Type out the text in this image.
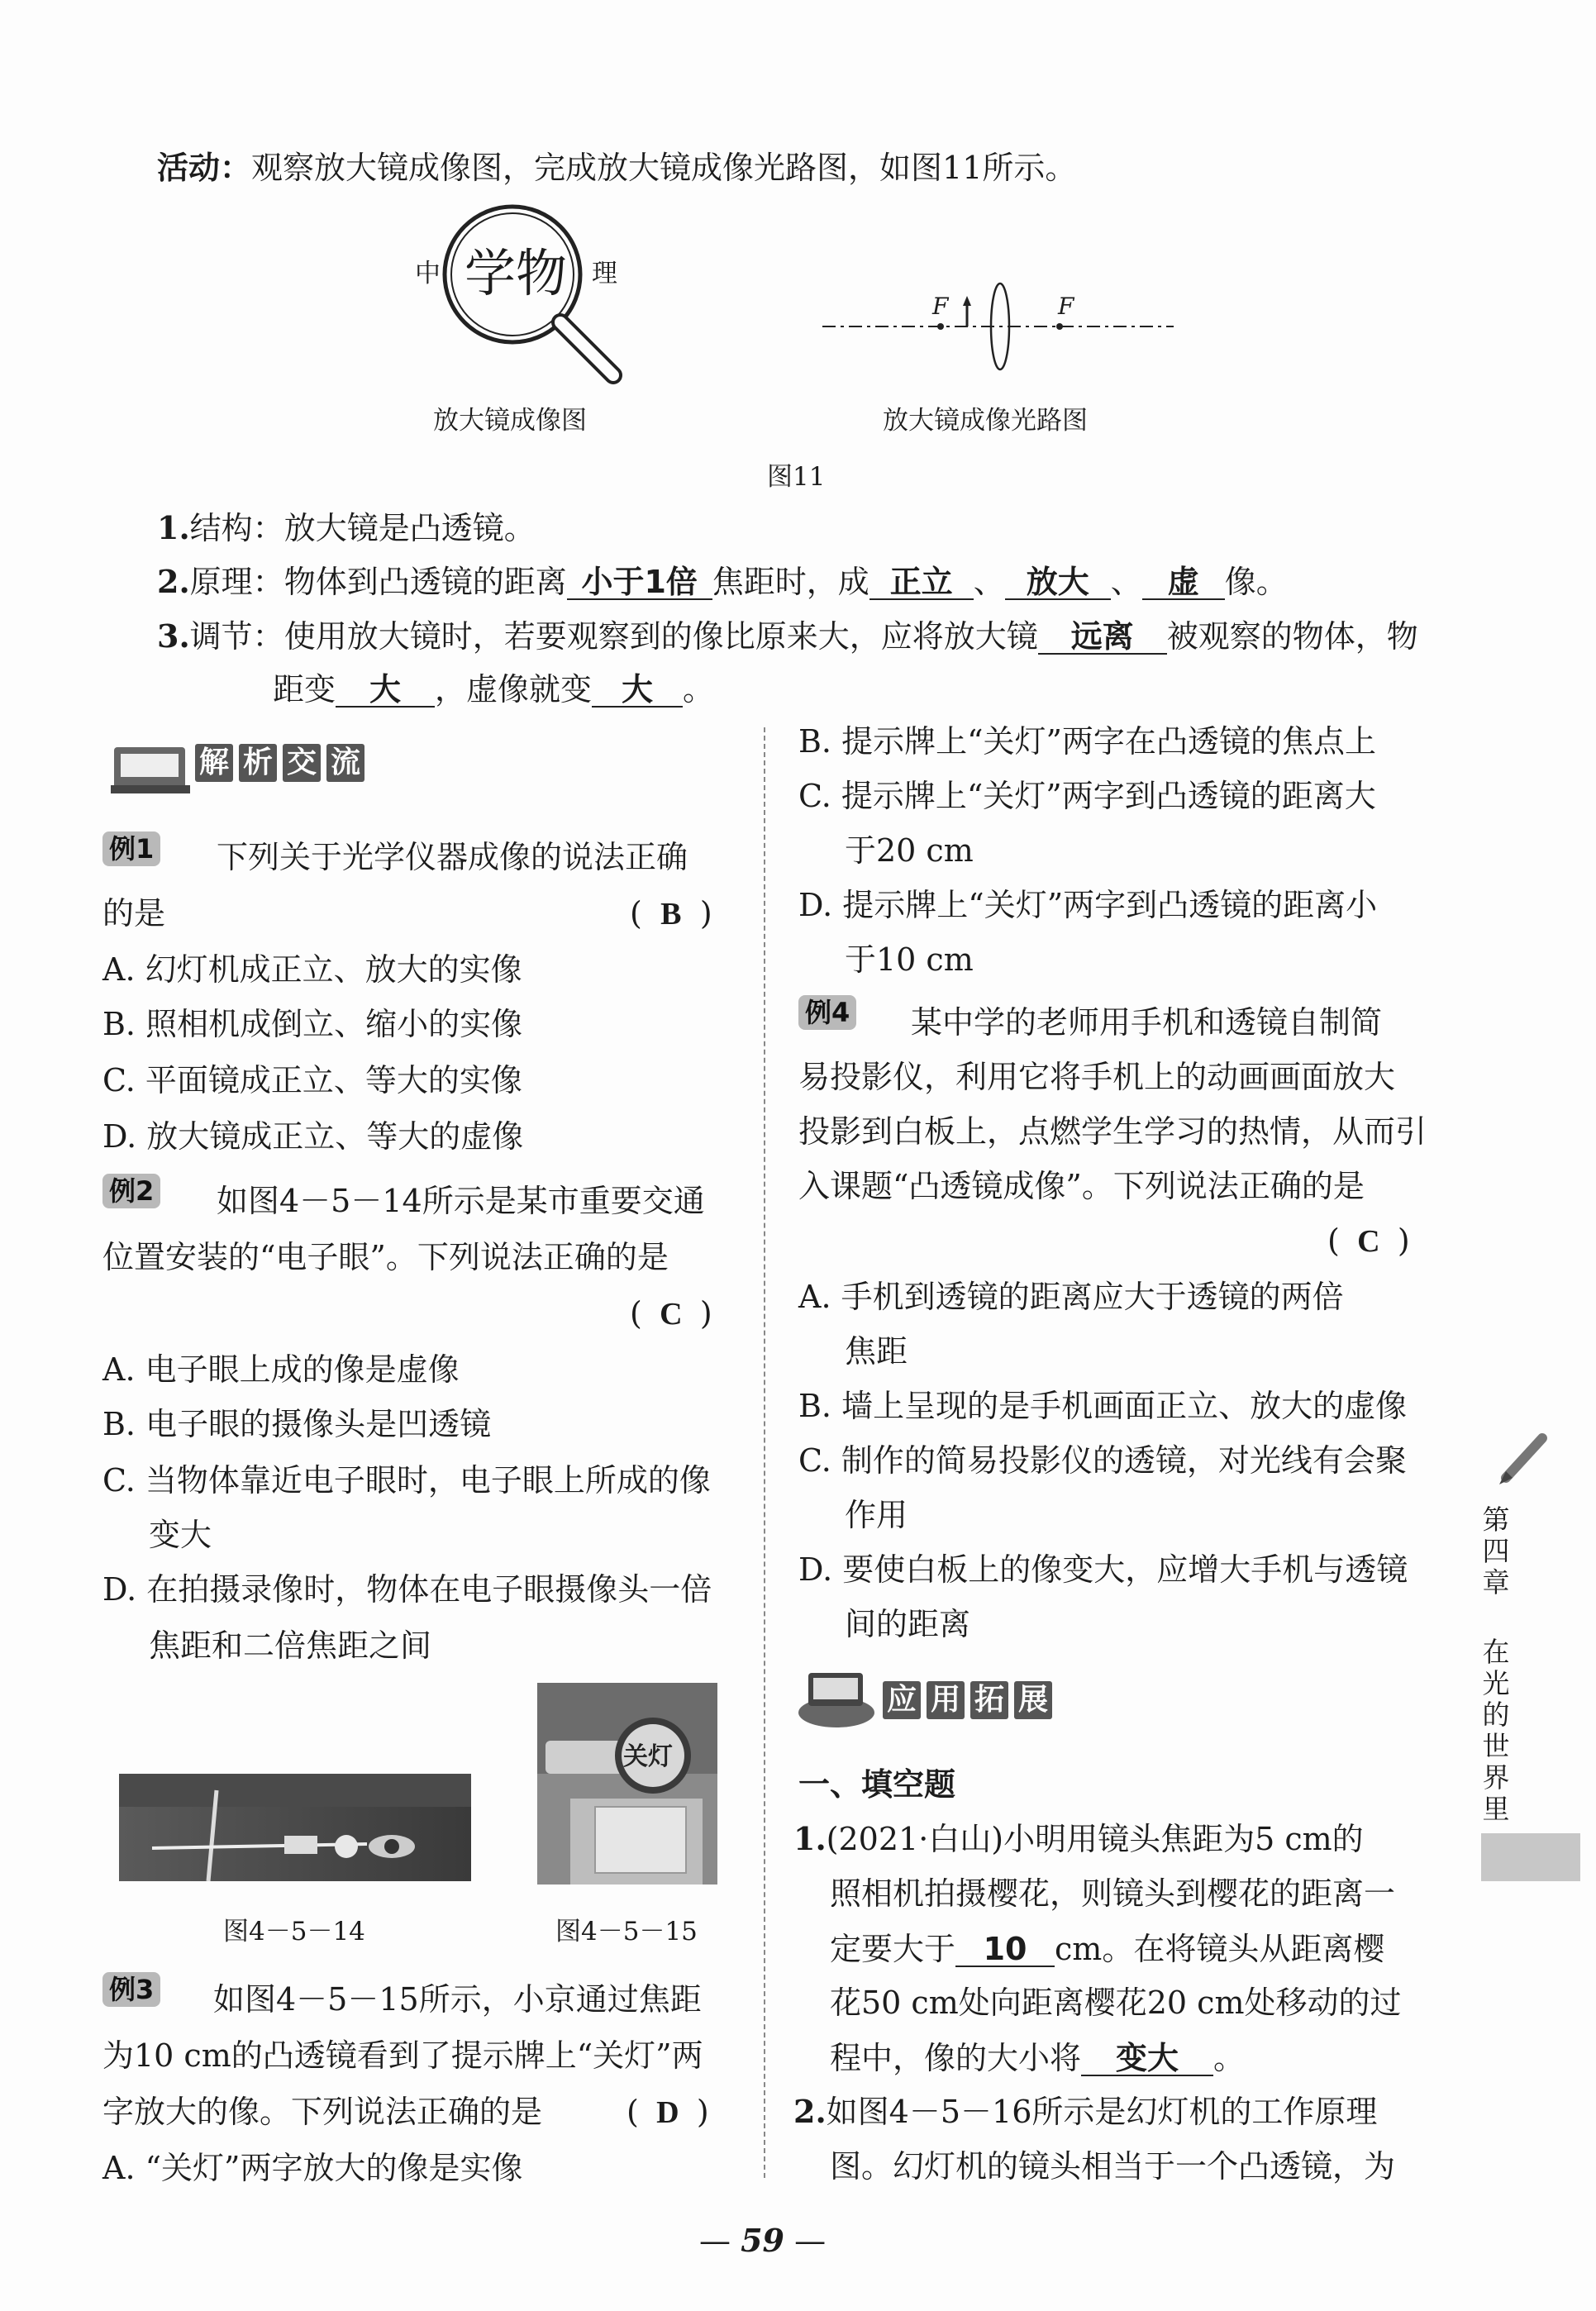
活动：观察放大镜成像图，完成放大镜成像光路图，如图11所示。
中 学物 理
F	F
放大镜成像图	放大镜成像光路图
图11
1.结构：放大镜是凸透镜。
2.原理：物体到凸透镜的距离 小于1倍 焦距时，成 正立 、 放大 、 虚 像。
3.调节：使用放大镜时，若要观察到的像比原来大，应将放大镜 远离 被观察的物体，物
距变 大 ，虚像就变 大 。
解 析 交 流
例1 下列关于光学仪器成像的说法正确
的是	( B )
A. 幻灯机成正立、放大的实像
B. 照相机成倒立、缩小的实像
C. 平面镜成正立、等大的实像
D. 放大镜成正立、等大的虚像
例2 如图4－5－14所示是某市重要交通
位置安装的“电子眼”。下列说法正确的是
( C )
A. 电子眼上成的像是虚像
B. 电子眼的摄像头是凹透镜
C. 当物体靠近电子眼时，电子眼上所成的像
变大
D. 在拍摄录像时，物体在电子眼摄像头一倍
焦距和二倍焦距之间
图4－5－14
关灯
图4－5－15
例3 如图4－5－15所示，小京通过焦距
为10 cm的凸透镜看到了提示牌上“关灯”两
字放大的像。下列说法正确的是	( D )
A. “关灯”两字放大的像是实像
B. 提示牌上“关灯”两字在凸透镜的焦点上
C. 提示牌上“关灯”两字到凸透镜的距离大
于20 cm
D. 提示牌上“关灯”两字到凸透镜的距离小
于10 cm
例4 某中学的老师用手机和透镜自制简
易投影仪，利用它将手机上的动画画面放大
投影到白板上，点燃学生学习的热情，从而引
入课题“凸透镜成像”。下列说法正确的是
( C )
A. 手机到透镜的距离应大于透镜的两倍
焦距
B. 墙上呈现的是手机画面正立、放大的虚像
C. 制作的简易投影仪的透镜，对光线有会聚
作用
D. 要使白板上的像变大，应增大手机与透镜
间的距离
应 用 拓 展
一、填空题
1.(2021·白山)小明用镜头焦距为5 cm的
照相机拍摄樱花，则镜头到樱花的距离一
定要大于 10 cm。在将镜头从距离樱
花50 cm处向距离樱花20 cm处移动的过
程中，像的大小将 变大 。
2.如图4－5－16所示是幻灯机的工作原理
图。幻灯机的镜头相当于一个凸透镜，为
第四章
在光的世界里
— 59 —
